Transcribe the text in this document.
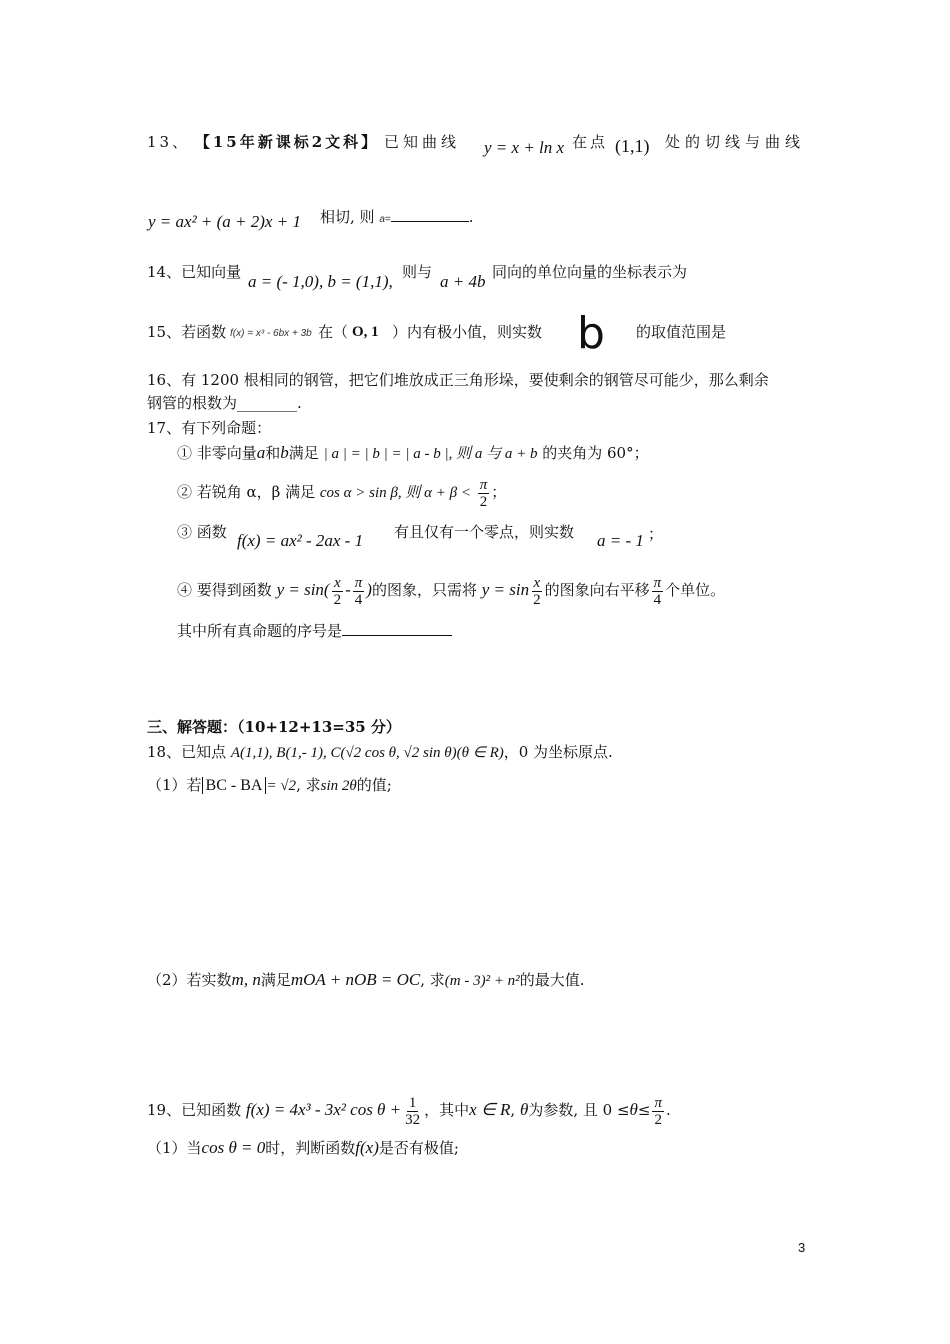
13、 【15年新课标2文科】 已知曲线 y = x + ln x 在点 (1,1) 处的切线与曲线
y = ax² + (a + 2)x + 1 相切, 则 a=	.
14、已知向量 a = (- 1,0), b = (1,1), 则与 a + 4b 同向的单位向量的坐标表示为
15、若函数 f(x) = x³ - 6bx + 3b 在（ O, 1 ）内有极小值，则实数 b 的取值范围是
16、有 1200 根相同的钢管，把它们堆放成正三角形垛，要使剩余的钢管尽可能少，那么剩余
钢管的根数为________.
17、有下列命题：
① 非零向量a和b满足 | a | = | b | = | a - b |, 则 a 与 a + b 的夹角为 60°；
② 若锐角 α，β 满足 cos α > sin β, 则 $\alpha + \beta < \frac{\pi}{2}$ ；
③ 函数 f(x) = ax² - 2ax - 1 有且仅有一个零点，则实数 a = - 1 ；
④ 要得到函数 $y = \sin( \frac{x}{2} - \frac{\pi}{4}$ )的图象，只需将 $y = \sin \frac{x}{2}$ 的图象向右平移 $\frac{\pi}{4}$ 个单位。
其中所有真命题的序号是
三、解答题：（10+12+13=35 分）
18、已知点 A(1,1), B(1,- 1), C(√2 cos θ, √2 sin θ)(θ ∈ R)，0 为坐标原点.
（1）若 BC - BA = √2, 求sin 2θ的值;
（2）若实数m, n满足mOA + nOB = OC, 求(m - 3)² + n²的最大值.
19、已知函数 f(x) = 4x³ - 3x² $\cos \theta + \frac{1}{32}$ ，其中x ∈ R, θ为参数, 且 $0 \le\theta\le \frac{\pi}{2}$ .
（1）当cos θ = 0时，判断函数f(x)是否有极值;
3
